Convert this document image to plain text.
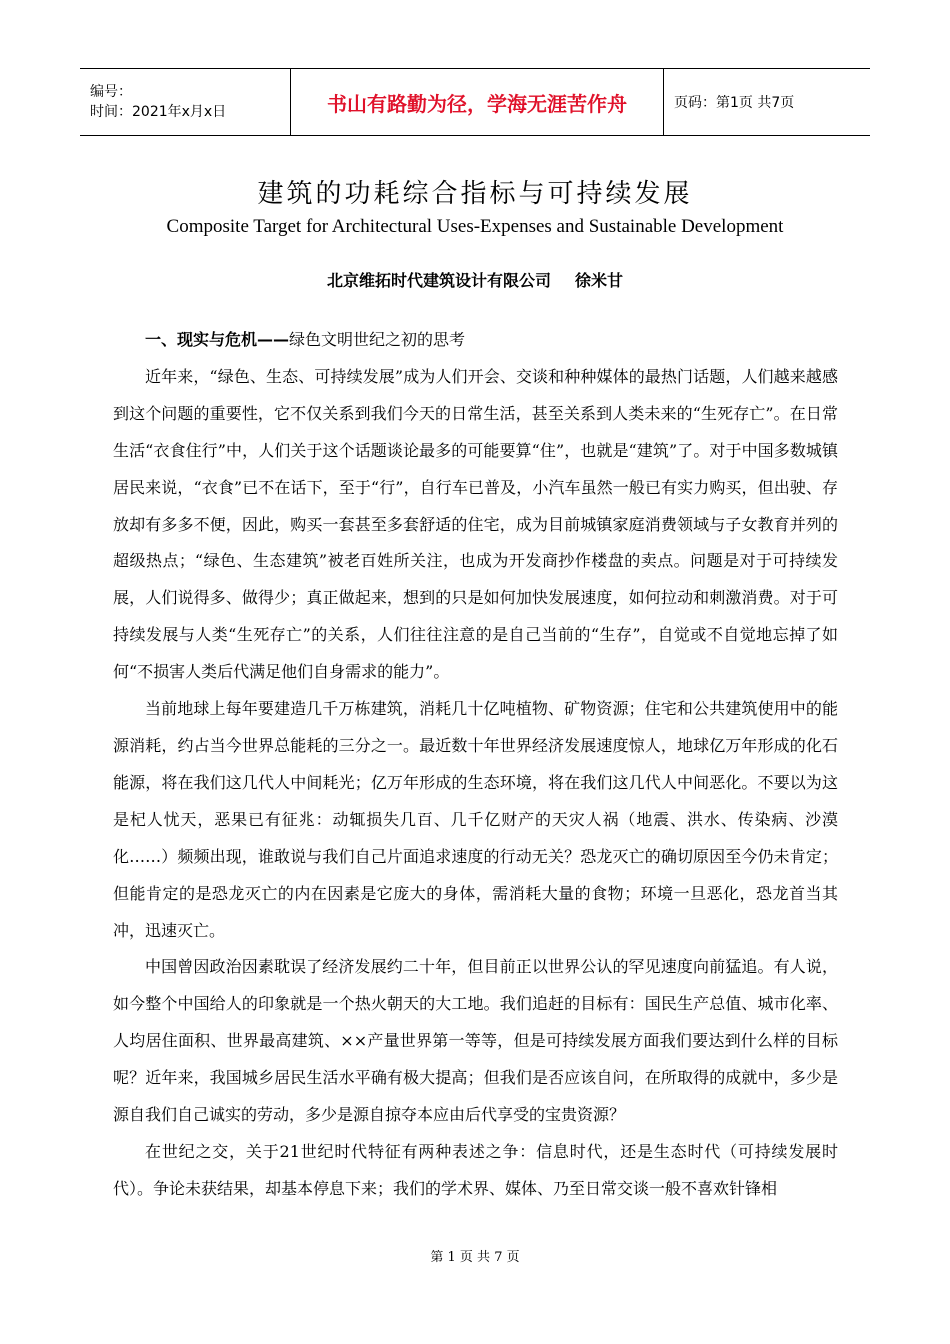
编号：
时间：2021年x月x日	书山有路勤为径，学海无涯苦作舟	页码：第1页 共7页
建筑的功耗综合指标与可持续发展
Composite Target for Architectural Uses-Expenses and Sustainable Development
北京维拓时代建筑设计有限公司 徐米甘
一、现实与危机——绿色文明世纪之初的思考

近年来，“绿色、生态、可持续发展”成为人们开会、交谈和种种媒体的最热门话题，人们越来越感到这个问题的重要性，它不仅关系到我们今天的日常生活，甚至关系到人类未来的“生死存亡”。在日常生活“衣食住行”中，人们关于这个话题谈论最多的可能要算“住”，也就是“建筑”了。对于中国多数城镇居民来说，“衣食”已不在话下，至于“行”，自行车已普及，小汽车虽然一般已有实力购买，但出驶、存放却有多多不便，因此，购买一套甚至多套舒适的住宅，成为目前城镇家庭消费领域与子女教育并列的超级热点；“绿色、生态建筑”被老百姓所关注，也成为开发商抄作楼盘的卖点。问题是对于可持续发展，人们说得多、做得少；真正做起来，想到的只是如何加快发展速度，如何拉动和刺激消费。对于可持续发展与人类“生死存亡”的关系，人们往往注意的是自己当前的“生存”，自觉或不自觉地忘掉了如何“不损害人类后代满足他们自身需求的能力”。

当前地球上每年要建造几千万栋建筑，消耗几十亿吨植物、矿物资源；住宅和公共建筑使用中的能源消耗，约占当今世界总能耗的三分之一。最近数十年世界经济发展速度惊人，地球亿万年形成的化石能源，将在我们这几代人中间耗光；亿万年形成的生态环境，将在我们这几代人中间恶化。不要以为这是杞人忧天，恶果已有征兆：动辄损失几百、几千亿财产的天灾人祸（地震、洪水、传染病、沙漠化……）频频出现，谁敢说与我们自己片面追求速度的行动无关？恐龙灭亡的确切原因至今仍未肯定；但能肯定的是恐龙灭亡的内在因素是它庞大的身体，需消耗大量的食物；环境一旦恶化，恐龙首当其冲，迅速灭亡。

中国曾因政治因素耽误了经济发展约二十年，但目前正以世界公认的罕见速度向前猛追。有人说，如今整个中国给人的印象就是一个热火朝天的大工地。我们追赶的目标有：国民生产总值、城市化率、人均居住面积、世界最高建筑、××产量世界第一等等，但是可持续发展方面我们要达到什么样的目标呢？近年来，我国城乡居民生活水平确有极大提高；但我们是否应该自问，在所取得的成就中，多少是源自我们自己诚实的劳动，多少是源自掠夺本应由后代享受的宝贵资源？

在世纪之交，关于21世纪时代特征有两种表述之争：信息时代，还是生态时代（可持续发展时代）。争论未获结果，却基本停息下来；我们的学术界、媒体、乃至日常交谈一般不喜欢针锋相

第 1 页 共 7 页
